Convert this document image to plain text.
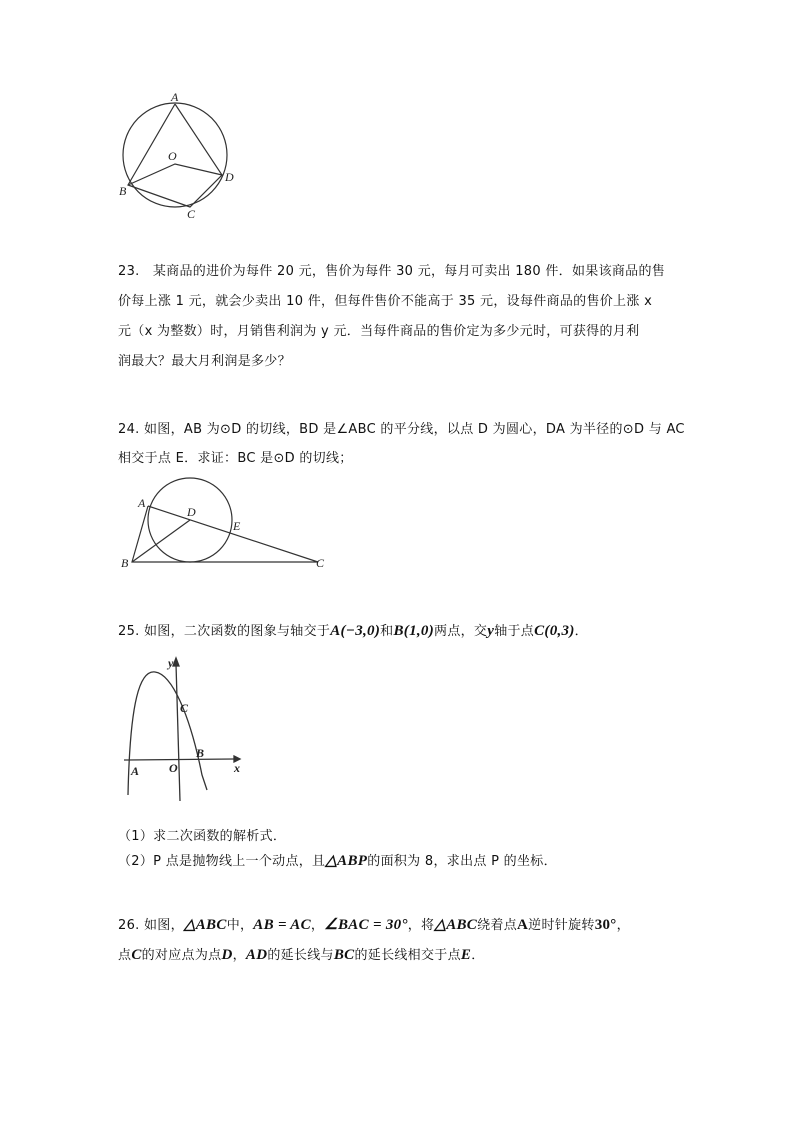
A
O
D
B
C
A
D
E
B	C
y
x
A O
B
C
23.　某商品的进价为每件 20 元，售价为每件 30 元，每月可卖出 180 件．如果该商品的售
价每上涨 1 元，就会少卖出 10 件，但每件售价不能高于 35 元，设每件商品的售价上涨 x
元（x 为整数）时，月销售利润为 y 元．当每件商品的售价定为多少元时，可获得的月利
润最大？最大月利润是多少？
24. 如图，AB 为⊙D 的切线，BD 是∠ABC 的平分线，以点 D 为圆心，DA 为半径的⊙D 与 AC
相交于点 E．求证：BC 是⊙D 的切线；
25. 如图，二次函数的图象与轴交于A(−3,0)和B(1,0)两点，交y轴于点C(0,3)．
（1）求二次函数的解析式．
（2）P 点是抛物线上一个动点，且△ABP的面积为 8，求出点 P 的坐标．
26. 如图，△ABC中，AB = AC，∠BAC = 30°，将△ABC绕着点A逆时针旋转30°，
点C的对应点为点D，AD的延长线与BC的延长线相交于点E．
